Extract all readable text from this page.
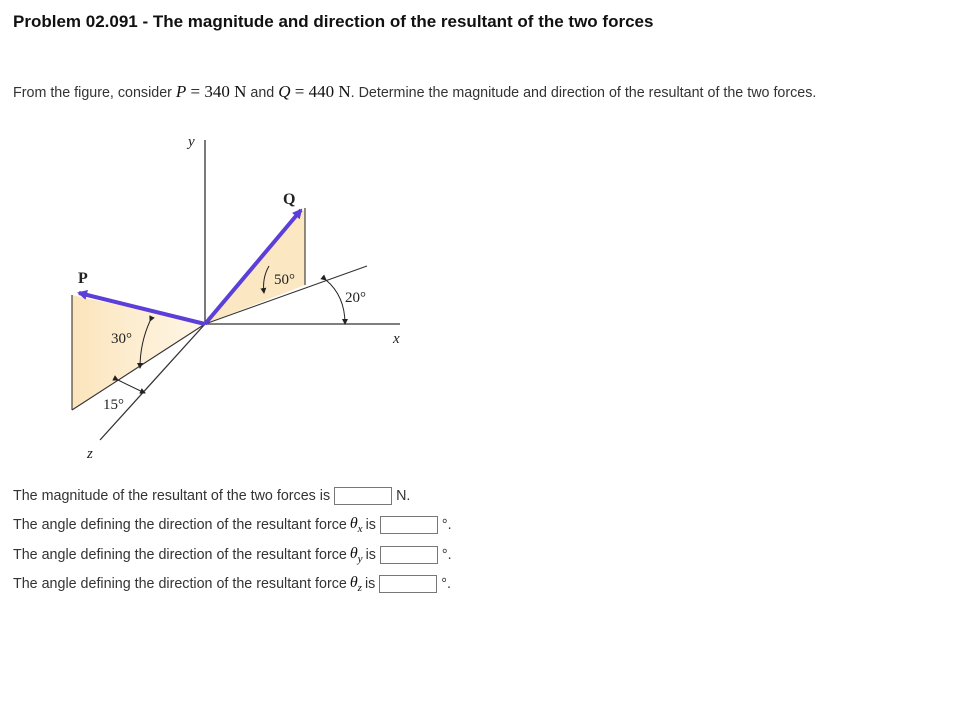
Problem 02.091 - The magnitude and direction of the resultant of the two forces
From the figure, consider P = 340 N and Q = 440 N. Determine the magnitude and direction of the resultant of the two forces.
y
x
z
Q
P	50°
20°
30°
15°
The magnitude of the resultant of the two forces is	N.
The angle defining the direction of the resultant force $\theta_x$ is	°.
The angle defining the direction of the resultant force $\theta_y$ is	°.
The angle defining the direction of the resultant force $\theta_z$ is	°.
